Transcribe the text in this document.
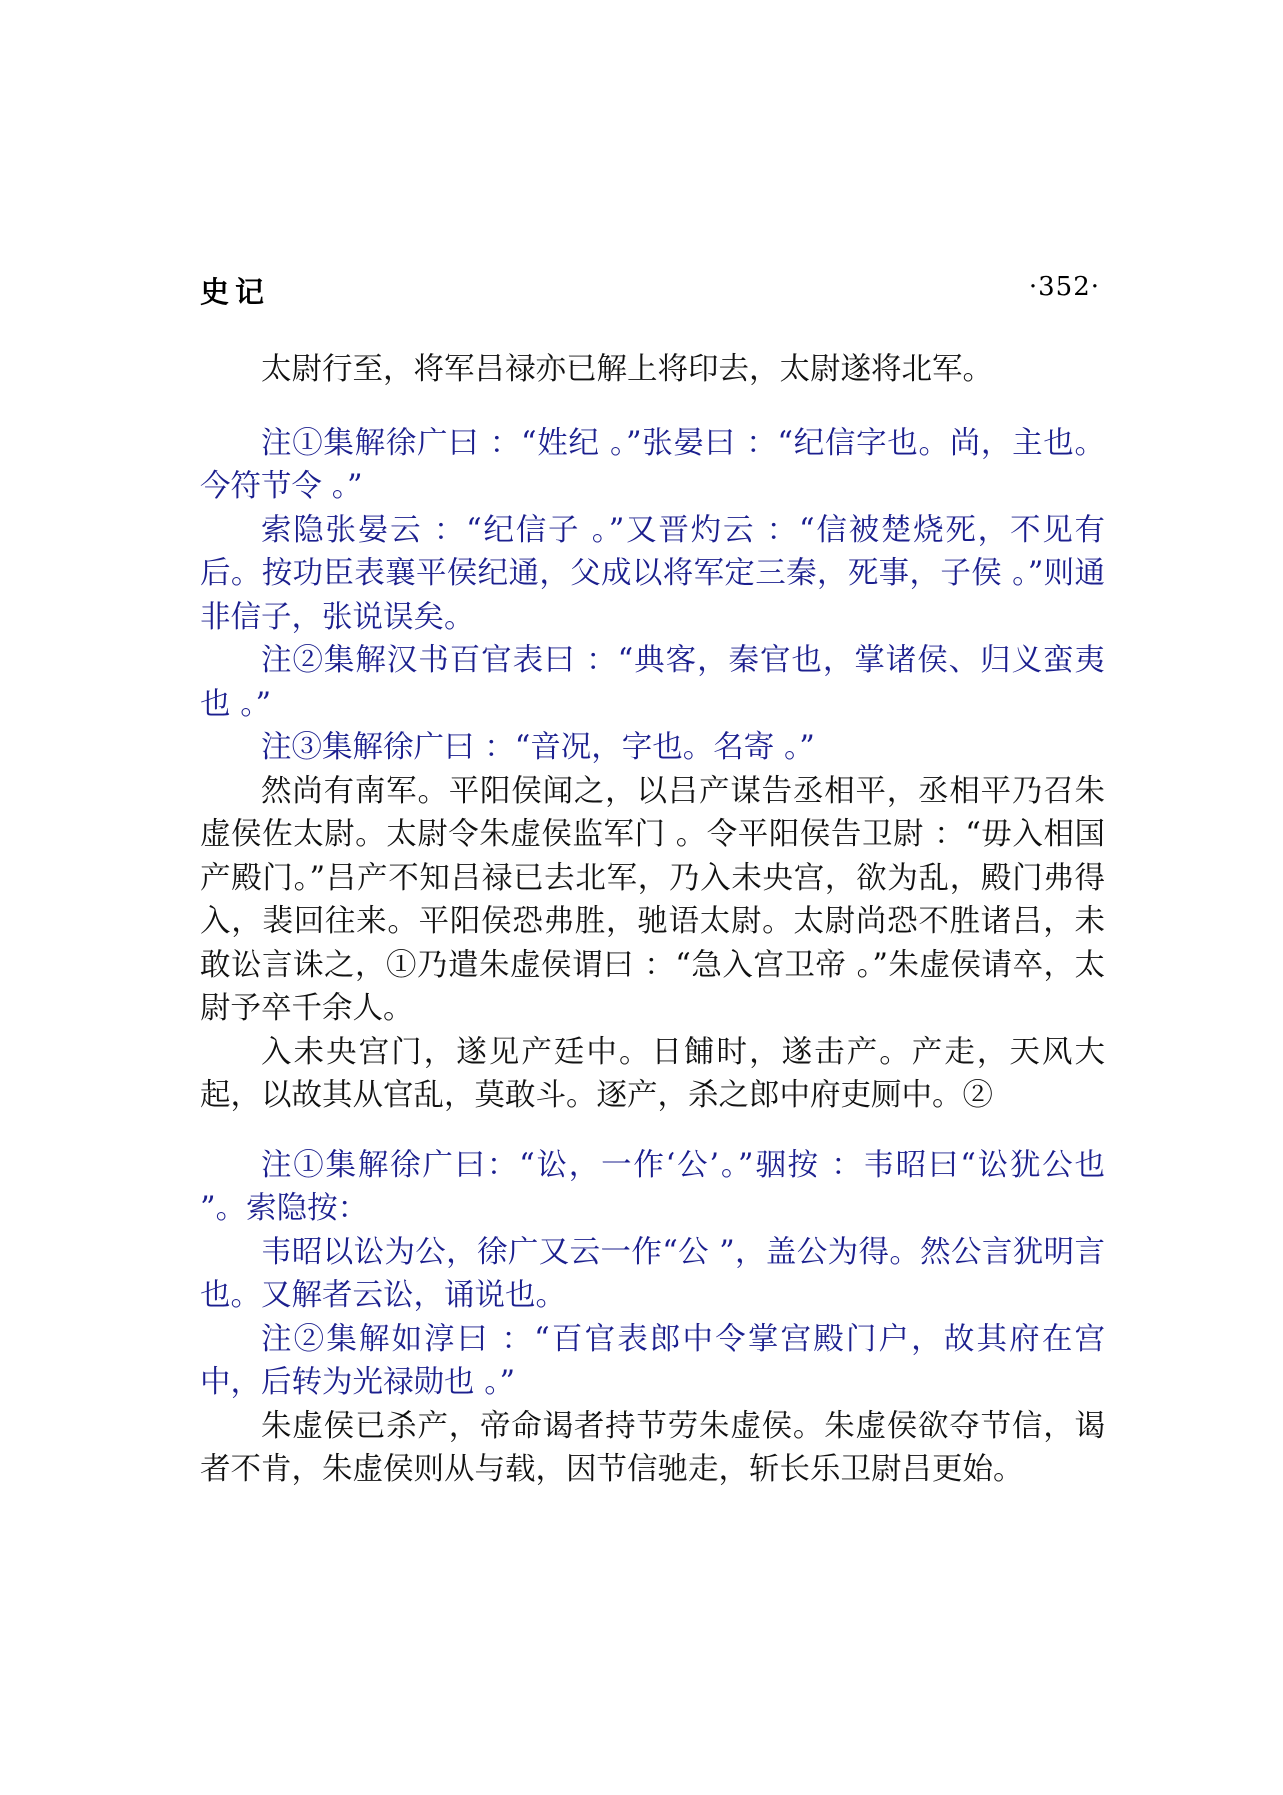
史记	·352·

太尉行至，将军吕禄亦已解上将印去，太尉遂将北军。

注①集解徐广曰 ：“姓纪 。”张晏曰 ：“纪信字也。尚，主也。今符节令 。”

索隐张晏云 ：“纪信子 。”又晋灼云 ：“信被楚烧死，不见有后。按功臣表襄平侯纪通，父成以将军定三秦，死事，子侯 。”则通非信子，张说误矣。

注②集解汉书百官表曰 ：“典客，秦官也，掌诸侯、归义蛮夷也 。”

注③集解徐广曰 ：“音况，字也。名寄 。”

然尚有南军。平阳侯闻之，以吕产谋告丞相平，丞相平乃召朱虚侯佐太尉。太尉令朱虚侯监军门 。令平阳侯告卫尉 ：“毋入相国产殿门。”吕产不知吕禄已去北军，乃入未央宫，欲为乱，殿门弗得入，裴回往来。平阳侯恐弗胜，驰语太尉。太尉尚恐不胜诸吕，未敢讼言诛之，①乃遣朱虚侯谓曰 ：“急入宫卫帝 。”朱虚侯请卒，太尉予卒千余人。

入未央宫门，遂见产廷中。日餔时，遂击产。产走，天风大起，以故其从官乱，莫敢斗。逐产，杀之郎中府吏厕中。②

注①集解徐广曰：“讼，一作‘公’。”骃按 ：韦昭曰“讼犹公也 ”。索隐按：

韦昭以讼为公，徐广又云一作“公 ”，盖公为得。然公言犹明言也。又解者云讼，诵说也。

注②集解如淳曰 ：“百官表郎中令掌宫殿门户，故其府在宫中，后转为光禄勋也 。”

朱虚侯已杀产，帝命谒者持节劳朱虚侯。朱虚侯欲夺节信，谒者不肯，朱虚侯则从与载，因节信驰走，斩长乐卫尉吕更始。
